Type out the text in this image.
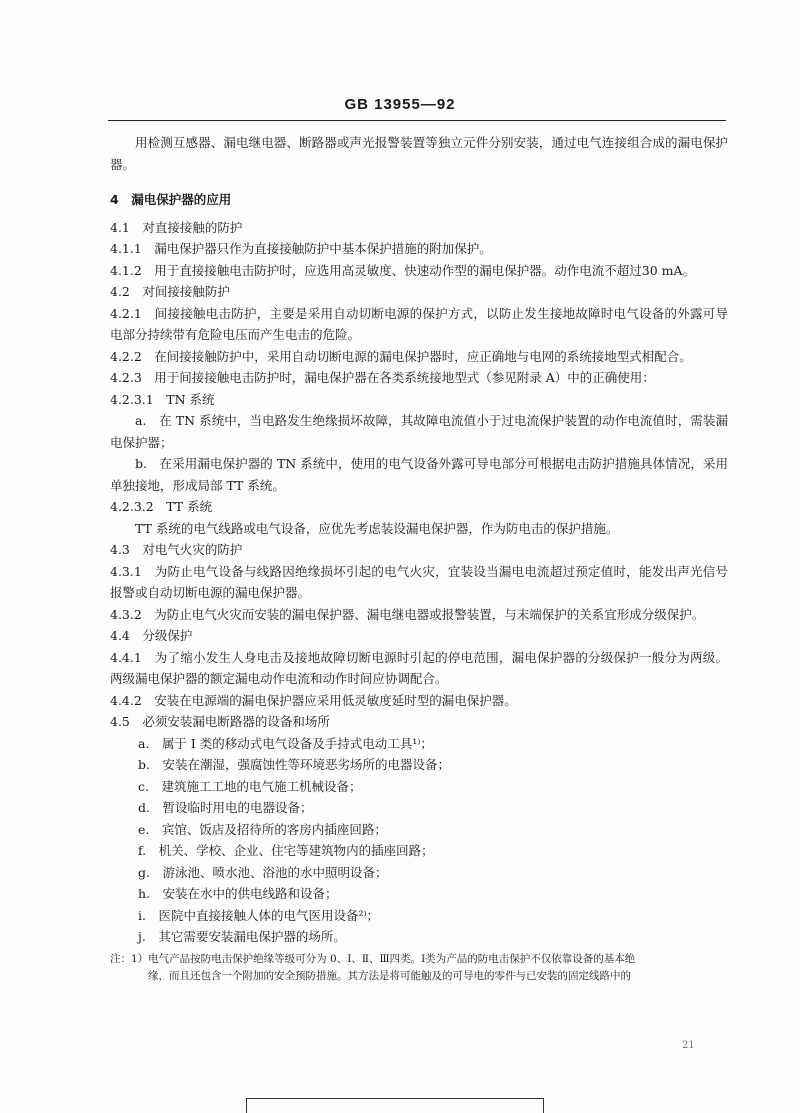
GB 13955—92

用检测互感器、漏电继电器、断路器或声光报警装置等独立元件分别安装，通过电气连接组合成的漏电保护器。

4　漏电保护器的应用

4.1　对直接接触的防护

4.1.1　漏电保护器只作为直接接触防护中基本保护措施的附加保护。

4.1.2　用于直接接触电击防护时，应选用高灵敏度、快速动作型的漏电保护器。动作电流不超过30 mA。

4.2　对间接接触防护

4.2.1　间接接触电击防护，主要是采用自动切断电源的保护方式，以防止发生接地故障时电气设备的外露可导电部分持续带有危险电压而产生电击的危险。

4.2.2　在间接接触防护中，采用自动切断电源的漏电保护器时，应正确地与电网的系统接地型式相配合。

4.2.3　用于间接接触电击防护时，漏电保护器在各类系统接地型式（参见附录 A）中的正确使用：

4.2.3.1　TN 系统

a.　在 TN 系统中，当电路发生绝缘损坏故障，其故障电流值小于过电流保护装置的动作电流值时，需装漏电保护器；

b.　在采用漏电保护器的 TN 系统中，使用的电气设备外露可导电部分可根据电击防护措施具体情况，采用单独接地，形成局部 TT 系统。

4.2.3.2　TT 系统

TT 系统的电气线路或电气设备，应优先考虑装设漏电保护器，作为防电击的保护措施。

4.3　对电气火灾的防护

4.3.1　为防止电气设备与线路因绝缘损坏引起的电气火灾，宜装设当漏电电流超过预定值时，能发出声光信号报警或自动切断电源的漏电保护器。

4.3.2　为防止电气火灾而安装的漏电保护器、漏电继电器或报警装置，与末端保护的关系宜形成分级保护。

4.4　分级保护

4.4.1　为了缩小发生人身电击及接地故障切断电源时引起的停电范围，漏电保护器的分级保护一般分为两级。两级漏电保护器的额定漏电动作电流和动作时间应协调配合。

4.4.2　安装在电源端的漏电保护器应采用低灵敏度延时型的漏电保护器。

4.5　必须安装漏电断路器的设备和场所

a.　属于 I 类的移动式电气设备及手持式电动工具¹⁾；

b.　安装在潮湿，强腐蚀性等环境恶劣场所的电器设备；

c.　建筑施工工地的电气施工机械设备；

d.　暂设临时用电的电器设备；

e.　宾馆、饭店及招待所的客房内插座回路；

f.　机关、学校、企业、住宅等建筑物内的插座回路；

g.　游泳池、喷水池、浴池的水中照明设备；

h.　安装在水中的供电线路和设备；

i.　医院中直接接触人体的电气医用设备²⁾；

j.　其它需要安装漏电保护器的场所。

注：1）电气产品按防电击保护绝缘等级可分为 0、Ⅰ、Ⅱ、Ⅲ四类。Ⅰ类为产品的防电击保护不仅依靠设备的基本绝
缘，而且还包含一个附加的安全预防措施。其方法是将可能触及的可导电的零件与已安装的固定线路中的
21
